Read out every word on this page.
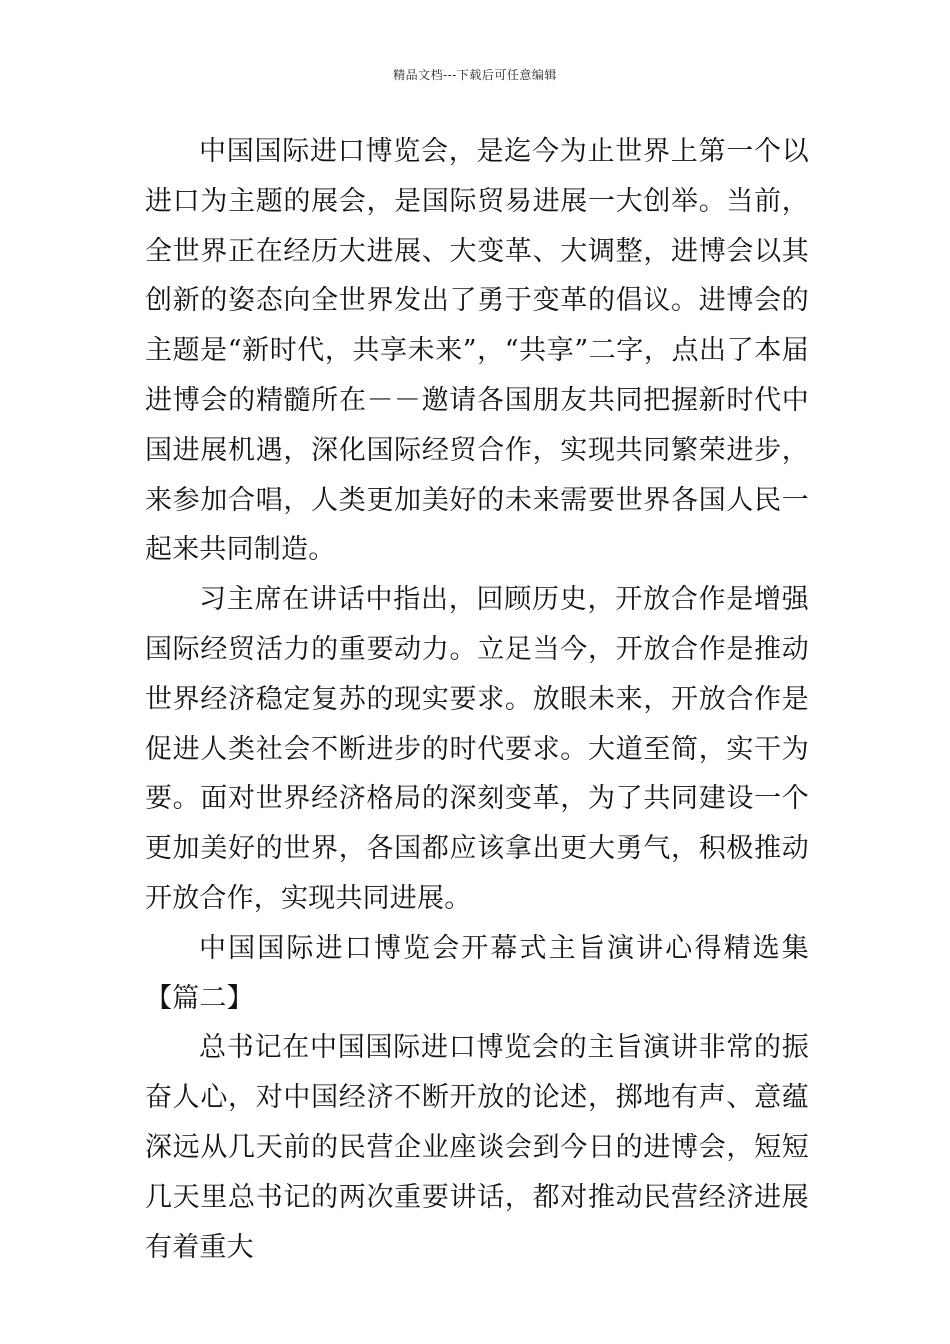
精品文档---下载后可任意编辑

中国国际进口博览会，是迄今为止世界上第一个以进口为主题的展会，是国际贸易进展一大创举。当前，全世界正在经历大进展、大变革、大调整，进博会以其创新的姿态向全世界发出了勇于变革的倡议。进博会的主题是“新时代，共享未来”，“共享”二字，点出了本届进博会的精髓所在－－邀请各国朋友共同把握新时代中国进展机遇，深化国际经贸合作，实现共同繁荣进步，来参加合唱，人类更加美好的未来需要世界各国人民一起来共同制造。

习主席在讲话中指出，回顾历史，开放合作是增强国际经贸活力的重要动力。立足当今，开放合作是推动世界经济稳定复苏的现实要求。放眼未来，开放合作是促进人类社会不断进步的时代要求。大道至简，实干为要。面对世界经济格局的深刻变革，为了共同建设一个更加美好的世界，各国都应该拿出更大勇气，积极推动开放合作，实现共同进展。

中国国际进口博览会开幕式主旨演讲心得精选集【篇二】

总书记在中国国际进口博览会的主旨演讲非常的振奋人心，对中国经济不断开放的论述，掷地有声、意蕴深远从几天前的民营企业座谈会到今日的进博会，短短几天里总书记的两次重要讲话，都对推动民营经济进展有着重大
